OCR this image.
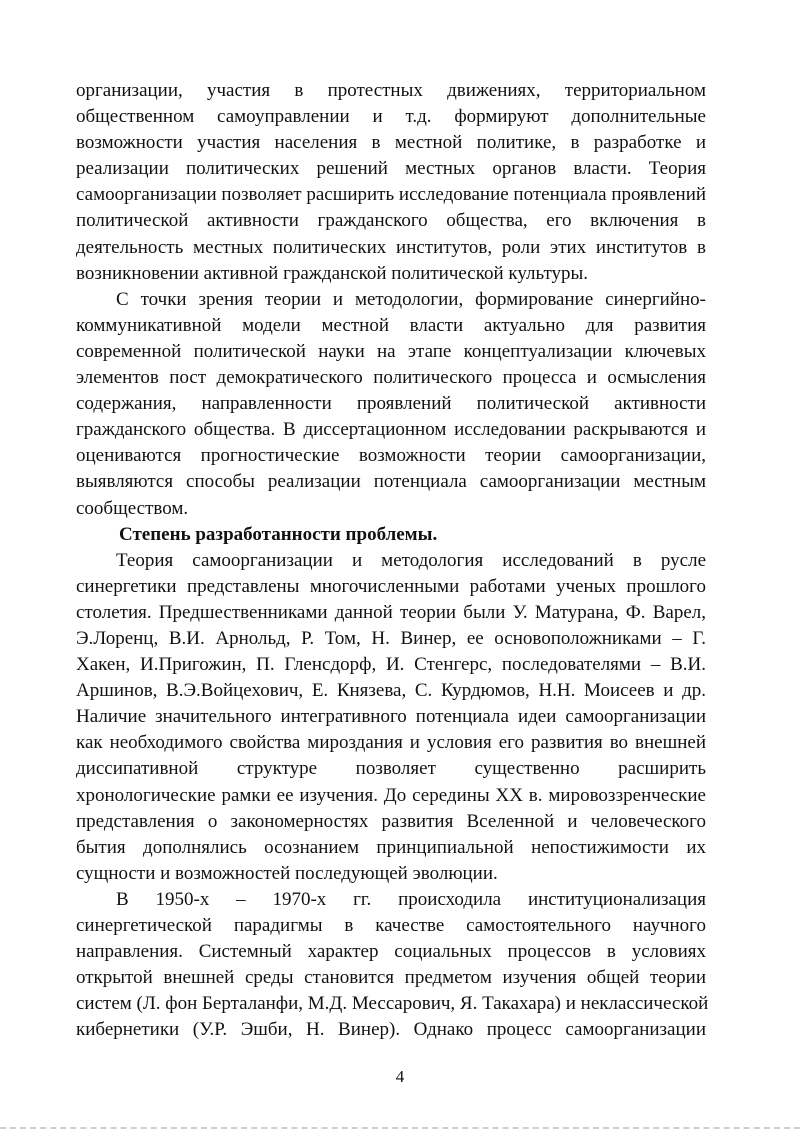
организации, участия в протестных движениях, территориальном
общественном самоуправлении и т.д. формируют дополнительные
возможности участия населения в местной политике, в разработке и
реализации политических решений местных органов власти. Теория
самоорганизации позволяет расширить исследование потенциала проявлений
политической активности гражданского общества, его включения в
деятельность местных политических институтов, роли этих институтов в
возникновении активной гражданской политической культуры.
С точки зрения теории и методологии, формирование синергийно-
коммуникативной модели местной власти актуально для развития
современной политической науки на этапе концептуализации ключевых
элементов пост демократического политического процесса и осмысления
содержания, направленности проявлений политической активности
гражданского общества. В диссертационном исследовании раскрываются и
оцениваются прогностические возможности теории самоорганизации,
выявляются способы реализации потенциала самоорганизации местным
сообществом.
Степень разработанности проблемы.
Теория самоорганизации и методология исследований в русле
синергетики представлены многочисленными работами ученых прошлого
столетия. Предшественниками данной теории были У. Матурана, Ф. Варел,
Э.Лоренц, В.И. Арнольд, Р. Том, Н. Винер, ее основоположниками – Г.
Хакен, И.Пригожин, П. Гленсдорф, И. Стенгерс, последователями – В.И.
Аршинов, В.Э.Войцехович, Е. Князева, С. Курдюмов, Н.Н. Моисеев и др.
Наличие значительного интегративного потенциала идеи самоорганизации
как необходимого свойства мироздания и условия его развития во внешней
диссипативной структуре позволяет существенно расширить
хронологические рамки ее изучения. До середины XX в. мировоззренческие
представления о закономерностях развития Вселенной и человеческого
бытия дополнялись осознанием принципиальной непостижимости их
сущности и возможностей последующей эволюции.
В 1950-х – 1970-х гг. происходила институционализация
синергетической парадигмы в качестве самостоятельного научного
направления. Системный характер социальных процессов в условиях
открытой внешней среды становится предметом изучения общей теории
систем (Л. фон Берталанфи, М.Д. Месcарович, Я. Такахара) и неклассической
кибернетики (У.Р. Эшби, Н. Винер). Однако процесс самоорганизации
4
